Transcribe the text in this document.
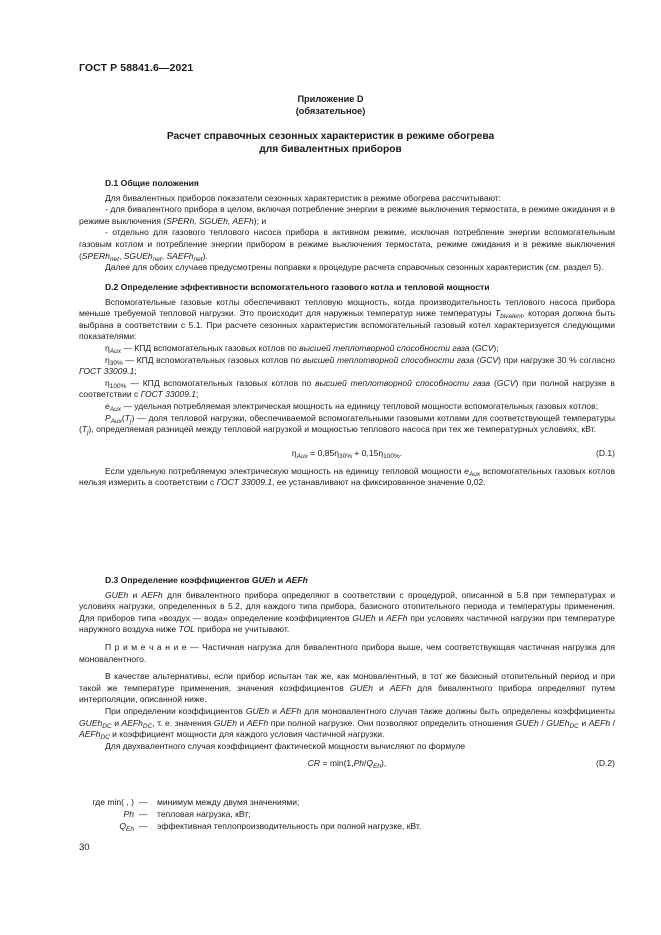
ГОСТ Р 58841.6—2021
Приложение D
(обязательное)
Расчет справочных сезонных характеристик в режиме обогрева
для бивалентных приборов

D.1 Общие положения

Для бивалентных приборов показатели сезонных характеристик в режиме обогрева рассчитывают:

- для бивалентного прибора в целом, включая потребление энергии в режиме выключения термостата, в режиме ожидания и в режиме выключения (SPERh, SGUEh, AEFh); и

- отдельно для газового теплового насоса прибора в активном режиме, исключая потребление энергии вспомогательным газовым котлом и потребление энергии прибором в режиме выключения термостата, режиме ожидания и в режиме выключения (SPERh$_{net}$, SGUEh$_{net}$, SAEFh$_{net}$).

Далее для обоих случаев предусмотрены поправки к процедуре расчета справочных сезонных характеристик (см. раздел 5).

D.2 Определение эффективности вспомогательного газового котла и тепловой мощности

Вспомогательные газовые котлы обеспечивают тепловую мощность, когда производительность теплового насоса прибора меньше требуемой тепловой нагрузки. Это происходит для наружных температур ниже температуры $T_{bivalent}$, которая должна быть выбрана в соответствии с 5.1. При расчете сезонных характеристик вспомогательный газовый котел характеризуется следующими показателями:

$\eta_{Aux}$ — КПД вспомогательных газовых котлов по высшей теплотворной способности газа (GCV);

$\eta_{30\%}$ — КПД вспомогательных газовых котлов по высшей теплотворной способности газа (GCV) при нагрузке 30 % согласно ГОСТ 33009.1;

$\eta_{100\%}$ — КПД вспомогательных газовых котлов по высшей теплотворной способности газа (GCV) при полной нагрузке в соответствии с ГОСТ 33009.1;

$e_{Aux}$ — удельная потребляемая электрическая мощность на единицу тепловой мощности вспомогательных газовых котлов;

$P_{Aux}(T_j)$ — доля тепловой нагрузки, обеспечиваемой вспомогательными газовыми котлами для соответствующей температуры $(T_j)$, определяемая разницей между тепловой нагрузкой и мощностью теплового насоса при тех же температурных условиях, кВт.

$\eta_{Aux} = 0,85\eta_{30\%} + 0,15\eta_{100\%}$.	(D.1)

Если удельную потребляемую электрическую мощность на единицу тепловой мощности $e_{Aux}$ вспомогательных газовых котлов нельзя измерить в соответствии с ГОСТ 33009.1, ее устанавливают на фиксированное значение 0,02.

D.3 Определение коэффициентов GUEh и AEFh

GUEh и AEFh для бивалентного прибора определяют в соответствии с процедурой, описанной в 5.8 при температурах и условиях нагрузки, определенных в 5.2, для каждого типа прибора, базисного отопительного периода и температуры применения. Для приборов типа «воздух — вода» определение коэффициентов GUEh и AEFh при условиях частичной нагрузки при температуре наружного воздуха ниже TOL прибора не учитывают.

П р и м е ч а н и е — Частичная нагрузка для бивалентного прибора выше, чем соответствующая частичная нагрузка для моновалентного.

В качестве альтернативы, если прибор испытан так же, как моновалентный, в тот же базисный отопительный период и при такой же температуре применения, значения коэффициентов GUEh и AEFh для бивалентного прибора определяют путем интерполяции, описанной ниже.

При определении коэффициентов GUEh и AEFh для моновалентного случая также должны быть определены коэффициенты GUEh$_{DC}$ и AEFh$_{DC}$, т. е. значения GUEh и AEFh при полной нагрузке. Они позволяют определить отношения GUEh / GUEh$_{DC}$ и AEFh / AEFh$_{DC}$ и коэффициент мощности для каждого условия частичной нагрузки.

Для двухвалентного случая коэффициент фактической мощности вычисляют по формуле

CR = $\min(1,Ph/Q_{Eh})$,	(D.2)
где min( , ) — минимум между двумя значениями;
Ph — тепловая нагрузка, кВт;
$Q_{Eh}$ — эффективная теплопроизводительность при полной нагрузке, кВт.
30
